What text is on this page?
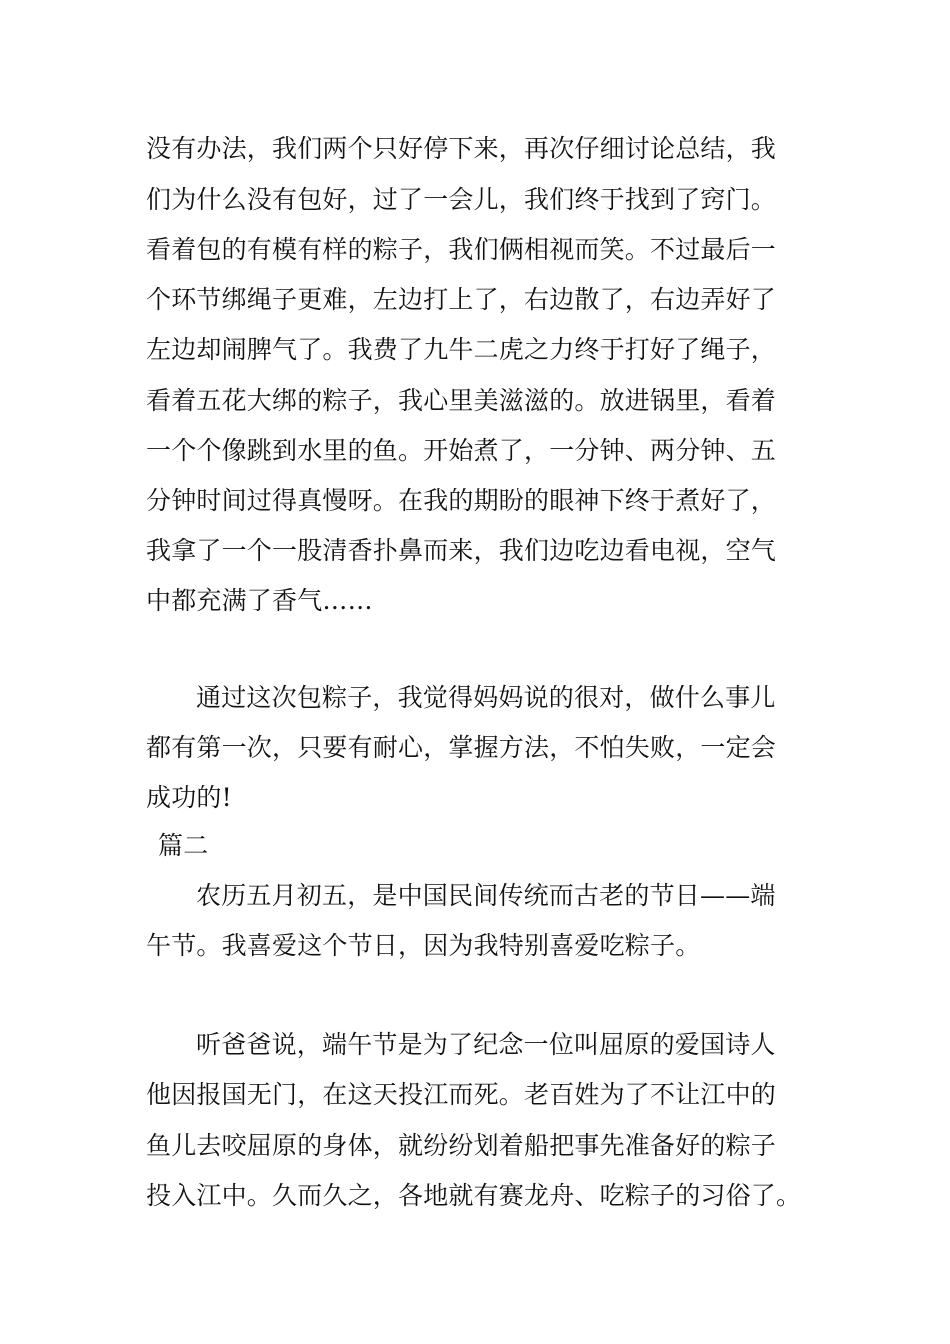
没有办法，我们两个只好停下来，再次仔细讨论总结，我
们为什么没有包好，过了一会儿，我们终于找到了窍门。
看着包的有模有样的粽子，我们俩相视而笑。不过最后一
个环节绑绳子更难，左边打上了，右边散了，右边弄好了
左边却闹脾气了。我费了九牛二虎之力终于打好了绳子，
看着五花大绑的粽子，我心里美滋滋的。放进锅里，看着
一个个像跳到水里的鱼。开始煮了，一分钟、两分钟、五
分钟时间过得真慢呀。在我的期盼的眼神下终于煮好了，
我拿了一个一股清香扑鼻而来，我们边吃边看电视，空气
中都充满了香气……
通过这次包粽子，我觉得妈妈说的很对，做什么事儿
都有第一次，只要有耐心，掌握方法，不怕失败，一定会
成功的!
篇二
农历五月初五，是中国民间传统而古老的节日——端
午节。我喜爱这个节日，因为我特别喜爱吃粽子。
听爸爸说，端午节是为了纪念一位叫屈原的爱国诗人
他因报国无门，在这天投江而死。老百姓为了不让江中的
鱼儿去咬屈原的身体，就纷纷划着船把事先准备好的粽子
投入江中。久而久之，各地就有赛龙舟、吃粽子的习俗了。
